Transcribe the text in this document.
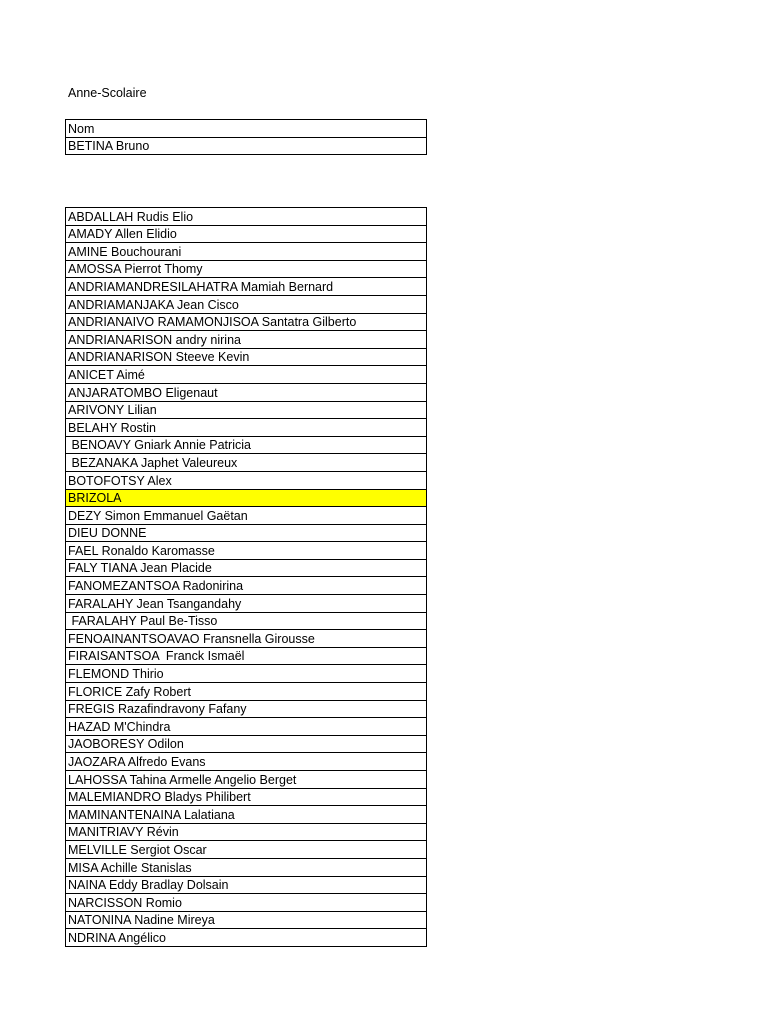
Anne-Scolaire
Nom
BETINA Bruno
ABDALLAH Rudis Elio
AMADY Allen Elidio
AMINE Bouchourani
AMOSSA Pierrot Thomy
ANDRIAMANDRESILAHATRA Mamiah Bernard
ANDRIAMANJAKA Jean Cisco
ANDRIANAIVO RAMAMONJISOA Santatra Gilberto
ANDRIANARISON andry nirina
ANDRIANARISON Steeve Kevin
ANICET Aimé
ANJARATOMBO Eligenaut
ARIVONY Lilian
BELAHY Rostin
BENOAVY Gniark Annie Patricia
BEZANAKA Japhet Valeureux
BOTOFOTSY Alex
BRIZOLA
DEZY Simon Emmanuel Gaëtan
DIEU DONNE
FAEL Ronaldo Karomasse
FALY TIANA Jean Placide
FANOMEZANTSOA Radonirina
FARALAHY Jean Tsangandahy
FARALAHY Paul Be-Tisso
FENOAINANTSOAVAO Fransnella Girousse
FIRAISANTSOA  Franck Ismaël
FLEMOND Thirio
FLORICE Zafy Robert
FREGIS Razafindravony Fafany
HAZAD M'Chindra
JAOBORESY Odilon
JAOZARA Alfredo Evans
LAHOSSA Tahina Armelle Angelio Berget
MALEMIANDRO Bladys Philibert
MAMINANTENAINA Lalatiana
MANITRIAVY Révin
MELVILLE Sergiot Oscar
MISA Achille Stanislas
NAINA Eddy Bradlay Dolsain
NARCISSON Romio
NATONINA Nadine Mireya
NDRINA Angélico
